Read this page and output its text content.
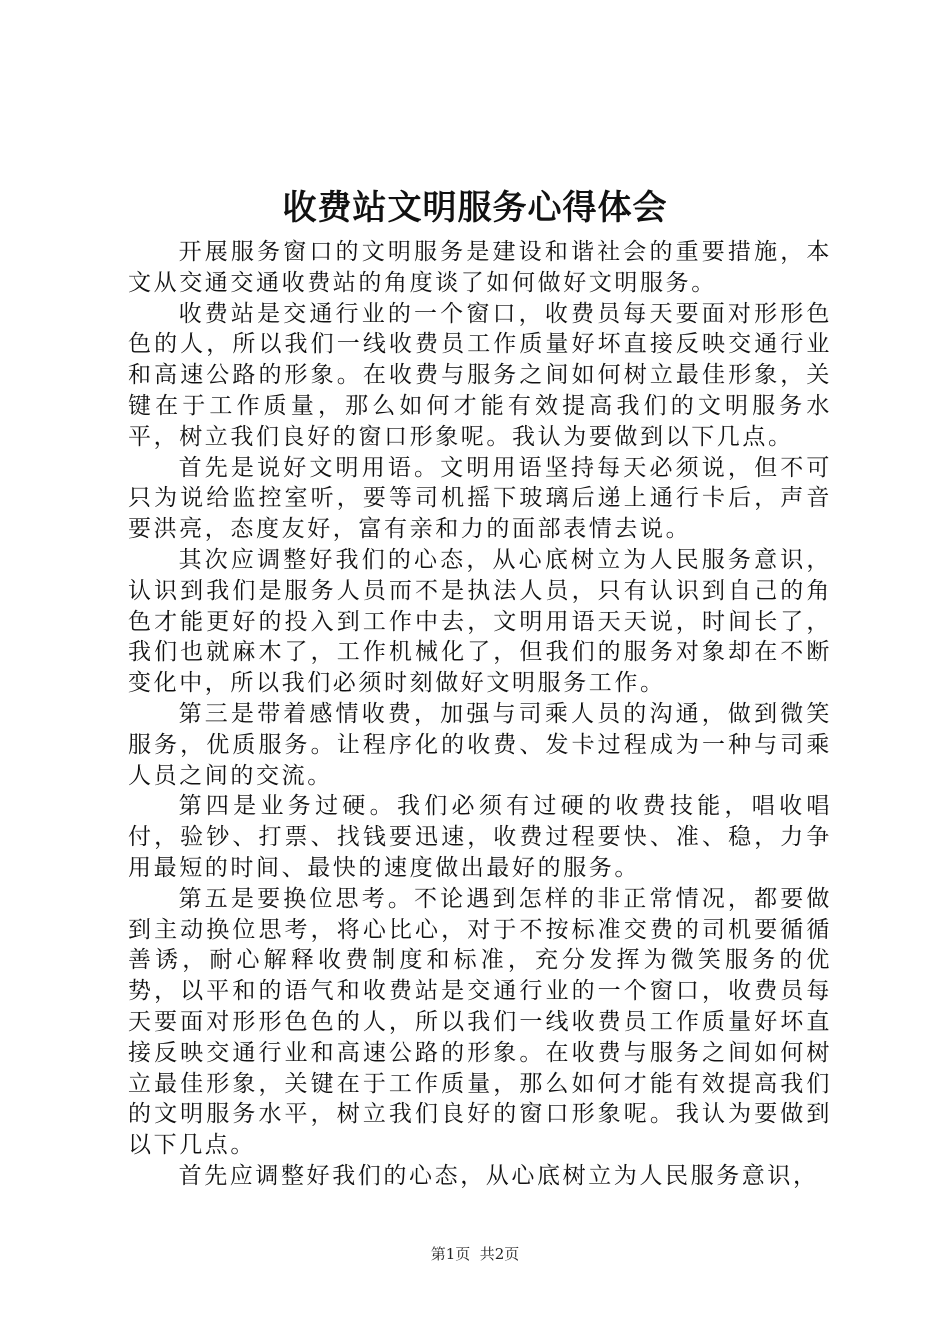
收费站文明服务心得体会

开展服务窗口的文明服务是建设和谐社会的重要措施，本文从交通交通收费站的角度谈了如何做好文明服务。

收费站是交通行业的一个窗口，收费员每天要面对形形色色的人，所以我们一线收费员工作质量好坏直接反映交通行业和高速公路的形象。在收费与服务之间如何树立最佳形象，关键在于工作质量，那么如何才能有效提高我们的文明服务水平，树立我们良好的窗口形象呢。我认为要做到以下几点。

首先是说好文明用语。文明用语坚持每天必须说，但不可只为说给监控室听，要等司机摇下玻璃后递上通行卡后，声音要洪亮，态度友好，富有亲和力的面部表情去说。

其次应调整好我们的心态，从心底树立为人民服务意识，认识到我们是服务人员而不是执法人员，只有认识到自己的角色才能更好的投入到工作中去，文明用语天天说，时间长了，我们也就麻木了，工作机械化了，但我们的服务对象却在不断变化中，所以我们必须时刻做好文明服务工作。

第三是带着感情收费，加强与司乘人员的沟通，做到微笑服务，优质服务。让程序化的收费、发卡过程成为一种与司乘人员之间的交流。

第四是业务过硬。我们必须有过硬的收费技能，唱收唱付，验钞、打票、找钱要迅速，收费过程要快、准、稳，力争用最短的时间、最快的速度做出最好的服务。

第五是要换位思考。不论遇到怎样的非正常情况，都要做到主动换位思考，将心比心，对于不按标准交费的司机要循循善诱，耐心解释收费制度和标准，充分发挥为微笑服务的优势，以平和的语气和收费站是交通行业的一个窗口，收费员每天要面对形形色色的人，所以我们一线收费员工作质量好坏直接反映交通行业和高速公路的形象。在收费与服务之间如何树立最佳形象，关键在于工作质量，那么如何才能有效提高我们的文明服务水平，树立我们良好的窗口形象呢。我认为要做到以下几点。

首先应调整好我们的心态，从心底树立为人民服务意识，

第1页  共2页
